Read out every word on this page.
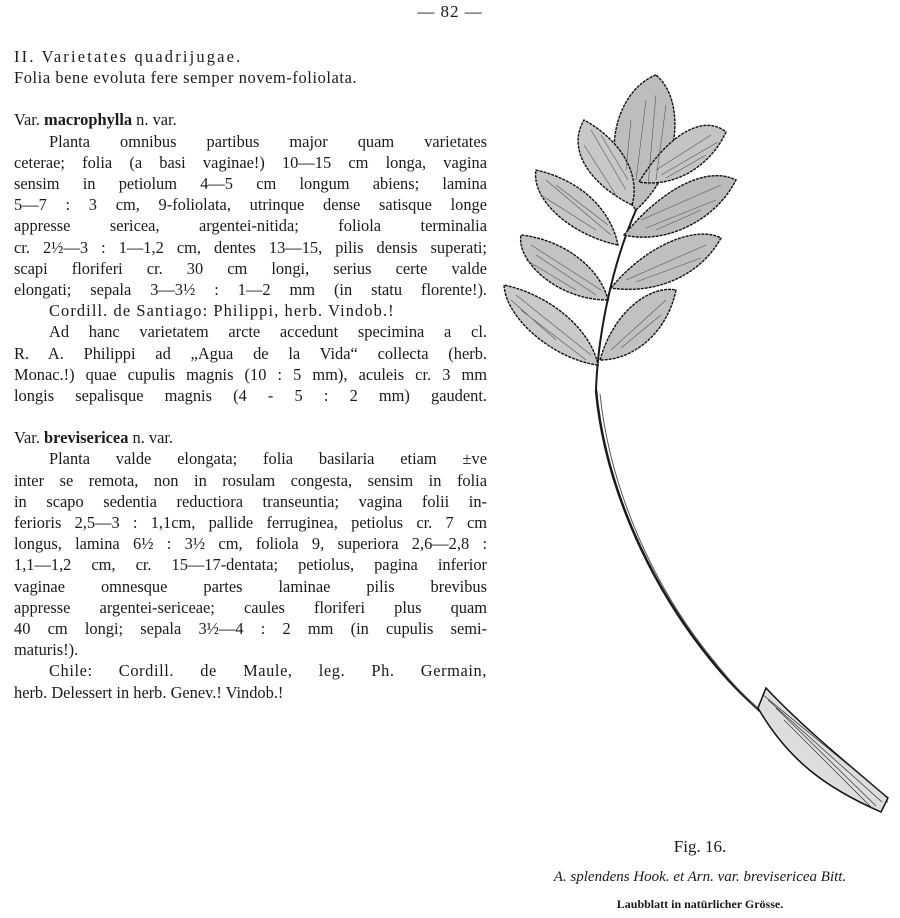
— 82 —
II. Varietates quadrijugae.
Folia bene evoluta fere semper novem-foliolata.
Var. macrophylla n. var.
Planta omnibus partibus major quam varietates
ceterae; folia (a basi vaginae!) 10—15 cm longa, vagina
sensim in petiolum 4—5 cm longum abiens; lamina
5—7 : 3 cm, 9-foliolata, utrinque dense satisque longe
appresse sericea, argentei-nitida; foliola terminalia
cr. 2½—3 : 1—1,2 cm, dentes 13—15, pilis densis superati;
scapi floriferi cr. 30 cm longi, serius certe valde
elongati; sepala 3—3½ : 1—2 mm (in statu florente!).
Cordill. de Santiago: Philippi, herb. Vindob.!
Ad hanc varietatem arcte accedunt specimina a cl.
R. A. Philippi ad „Agua de la Vida“ collecta (herb.
Monac.!) quae cupulis magnis (10 : 5 mm), aculeis cr. 3 mm
longis sepalisque magnis (4 - 5 : 2 mm) gaudent.
Var. brevisericea n. var.
Planta valde elongata; folia basilaria etiam ±ve
inter se remota, non in rosulam congesta, sensim in folia
in scapo sedentia reductiora transeuntia; vagina folii in-
ferioris 2,5—3 : 1,1cm, pallide ferruginea, petiolus cr. 7 cm
longus, lamina 6½ : 3½ cm, foliola 9, superiora 2,6—2,8 :
1,1—1,2 cm, cr. 15—17-dentata; petiolus, pagina inferior
vaginae omnesque partes laminae pilis brevibus
appresse argentei-sericeae; caules floriferi plus quam
40 cm longi; sepala 3½—4 : 2 mm (in cupulis semi-
maturis!).
Chile: Cordill. de Maule, leg. Ph. Germain,
herb. Delessert in herb. Genev.! Vindob.!
Fig. 16.
A. splendens Hook. et Arn. var. brevisericea Bitt.
Laubblatt in natürlicher Grösse.
